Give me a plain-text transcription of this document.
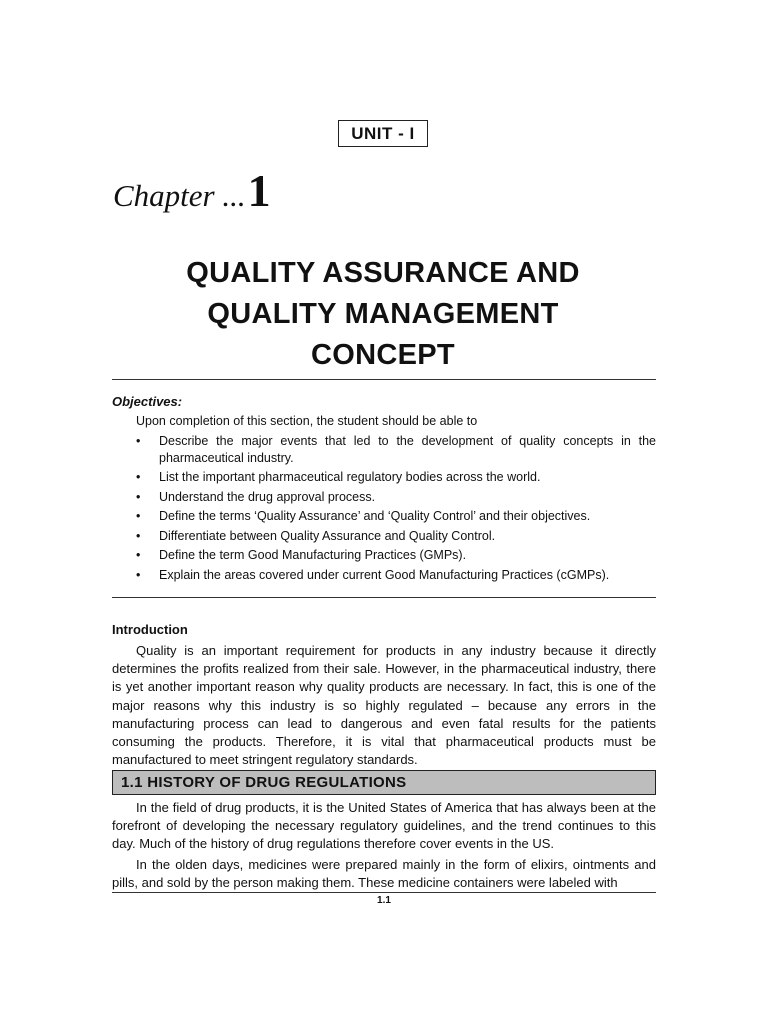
UNIT - I
Chapter ... 1
QUALITY ASSURANCE AND
QUALITY MANAGEMENT
CONCEPT
Objectives:
Upon completion of this section, the student should be able to
• Describe the major events that led to the development of quality concepts in the pharmaceutical industry.
• List the important pharmaceutical regulatory bodies across the world.
• Understand the drug approval process.
• Define the terms ‘Quality Assurance’ and ‘Quality Control’ and their objectives.
• Differentiate between Quality Assurance and Quality Control.
• Define the term Good Manufacturing Practices (GMPs).
• Explain the areas covered under current Good Manufacturing Practices (cGMPs).
Introduction

Quality is an important requirement for products in any industry because it directly determines the profits realized from their sale. However, in the pharmaceutical industry, there is yet another important reason why quality products are necessary. In fact, this is one of the major reasons why this industry is so highly regulated – because any errors in the manufacturing process can lead to dangerous and even fatal results for the patients consuming the products. Therefore, it is vital that pharmaceutical products must be manufactured to meet stringent regulatory standards.

In the field of drug products, it is the United States of America that has always been at the forefront of developing the necessary regulatory guidelines, and the trend continues to this day. Much of the history of drug regulations therefore cover events in the US.

In the olden days, medicines were prepared mainly in the form of elixirs, ointments and pills, and sold by the person making them. These medicine containers were labeled with

1.1 HISTORY OF DRUG REGULATIONS
1.1
